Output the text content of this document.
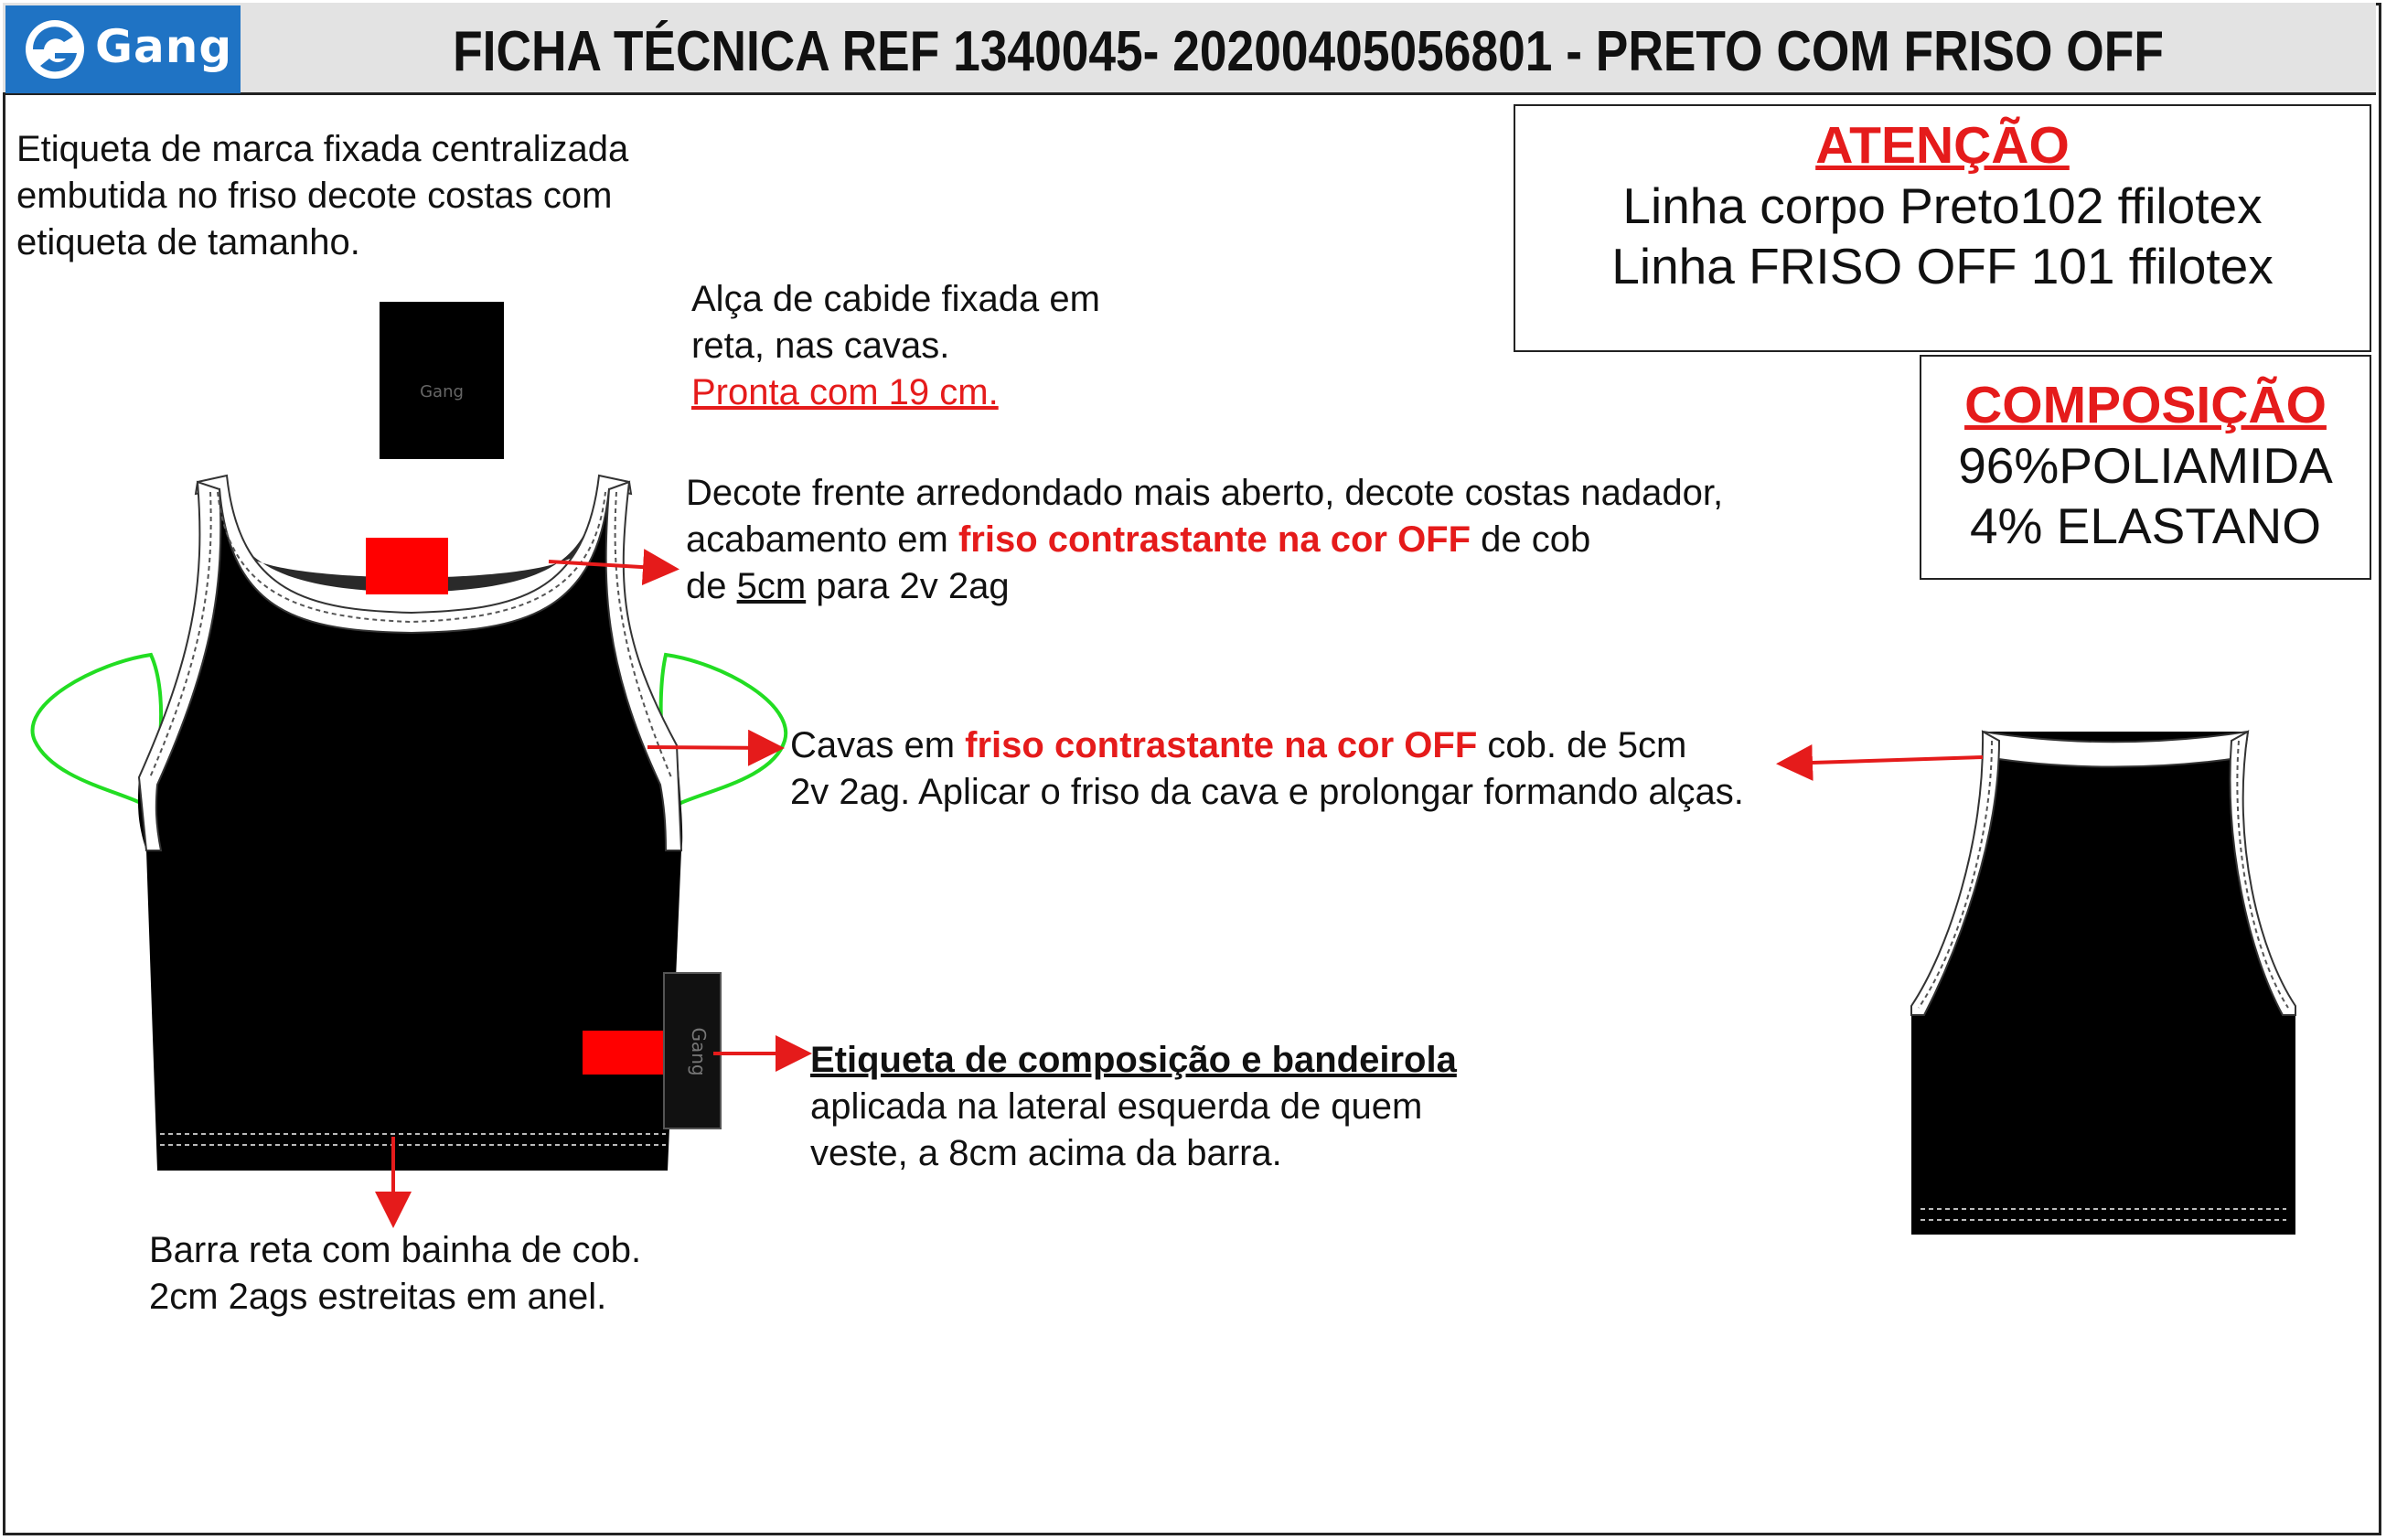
Gang	FICHA TÉCNICA REF 1340045- 20200405056801 - PRETO COM FRISO OFF
Gang
Gang
Etiqueta de marca fixada centralizada
embutida no friso decote costas com
etiqueta de tamanho.
Alça de cabide fixada em
reta, nas cavas.
Pronta com 19 cm.
Decote frente arredondado mais aberto, decote costas nadador,
acabamento em friso contrastante na cor OFF de cob
de 5cm para 2v 2ag
Cavas em friso contrastante na cor OFF cob. de 5cm
2v 2ag. Aplicar o friso da cava e prolongar formando alças.
Etiqueta de composição e bandeirola
aplicada na lateral esquerda de quem
veste, a 8cm acima da barra.
Barra reta com bainha de cob.
2cm 2ags estreitas em anel.
ATENÇÃO
Linha corpo Preto102 ffilotex
Linha FRISO OFF 101 ffilotex
COMPOSIÇÃO
96%POLIAMIDA
4% ELASTANO
